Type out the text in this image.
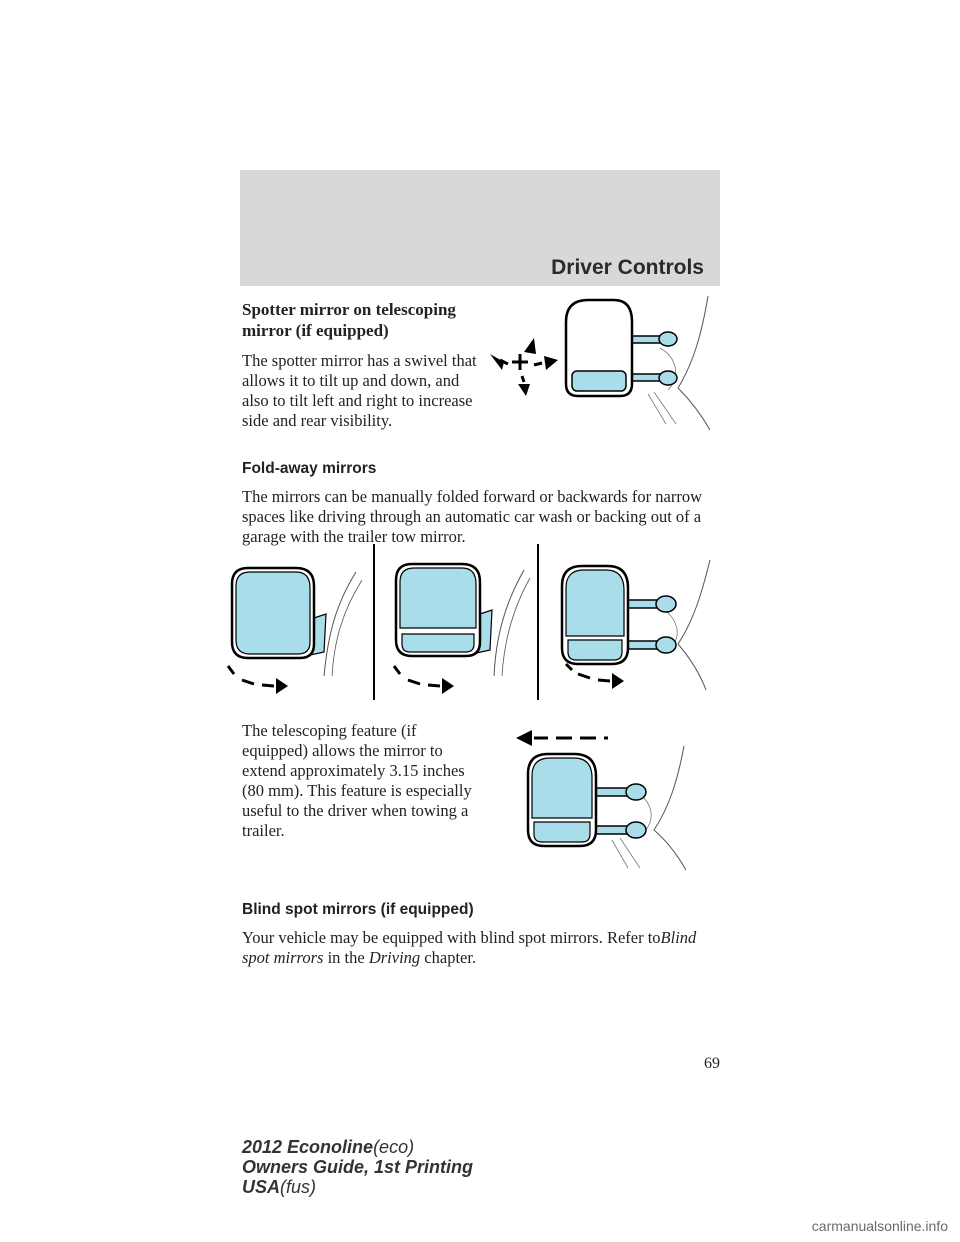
Driver Controls
Spotter mirror on telescoping
mirror (if equipped)
The spotter mirror has a swivel that
allows it to tilt up and down, and
also to tilt left and right to increase
side and rear visibility.
Fold-away mirrors
The mirrors can be manually folded forward or backwards for narrow
spaces like driving through an automatic car wash or backing out of a
garage with the trailer tow mirror.
The telescoping feature (if
equipped) allows the mirror to
extend approximately 3.15 inches
(80 mm). This feature is especially
useful to the driver when towing a
trailer.
Blind spot mirrors (if equipped)
Your vehicle may be equipped with blind spot mirrors. Refer toBlind
spot mirrors in the Driving chapter.
69
2012 Econoline(eco)
Owners Guide, 1st Printing
USA(fus)
carmanualsonline.info
